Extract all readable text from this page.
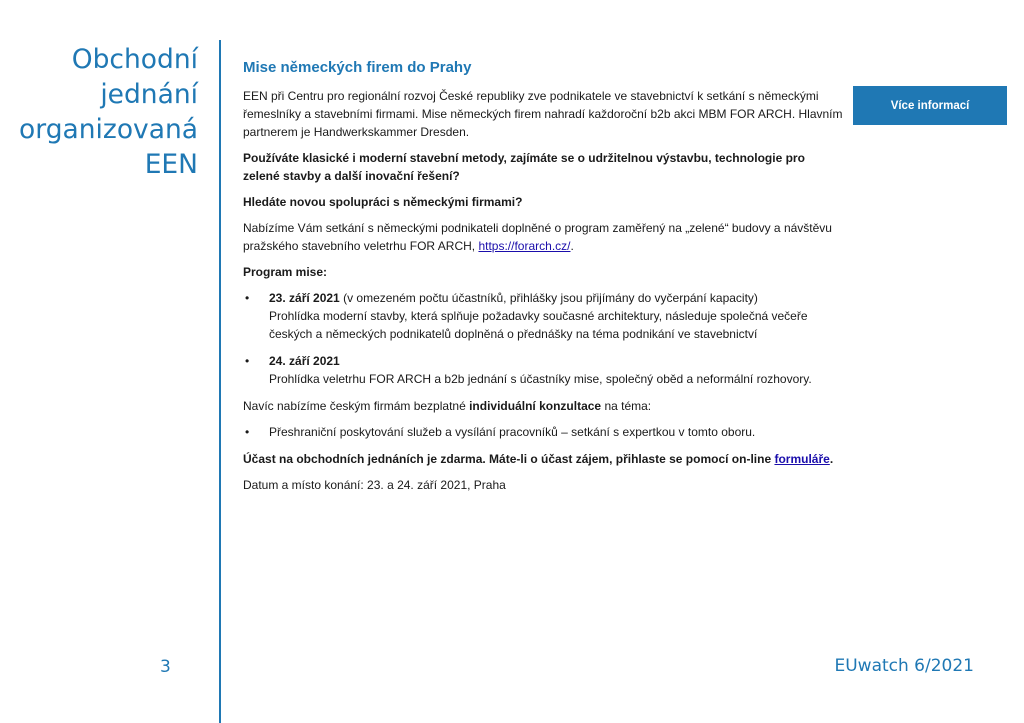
Obchodní
jednání
organizovaná
EEN
Mise německých firem do Prahy

EEN při Centru pro regionální rozvoj České republiky zve podnikatele ve stavebnictví k setkání s německými řemeslníky a stavebními firmami. Mise německých firem nahradí každoroční b2b akci MBM FOR ARCH. Hlavním partnerem je Handwerkskammer Dresden.

Používáte klasické i moderní stavební metody, zajímáte se o udržitelnou výstavbu, technologie pro zelené stavby a další inovační řešení?

Hledáte novou spolupráci s německými firmami?

Nabízíme Vám setkání s německými podnikateli doplněné o program zaměřený na „zelené“ budovy a návštěvu pražského stavebního veletrhu FOR ARCH, https://forarch.cz/.

Program mise:

• 23. září 2021 (v omezeném počtu účastníků, přihlášky jsou přijímány do vyčerpání kapacity)
Prohlídka moderní stavby, která splňuje požadavky současné architektury, následuje společná večeře českých a německých podnikatelů doplněná o přednášky na téma podnikání ve stavebnictví
• 24. září 2021
Prohlídka veletrhu FOR ARCH a b2b jednání s účastníky mise, společný oběd a neformální rozhovory.

Navíc nabízíme českým firmám bezplatné individuální konzultace na téma:

• Přeshraniční poskytování služeb a vysílání pracovníků – setkání s expertkou v tomto oboru.

Účast na obchodních jednáních je zdarma. Máte-li o účast zájem, přihlaste se pomocí on-line formuláře.

Datum a místo konání: 23. a 24. září 2021, Praha

Více informací
3	EUwatch 6/2021
